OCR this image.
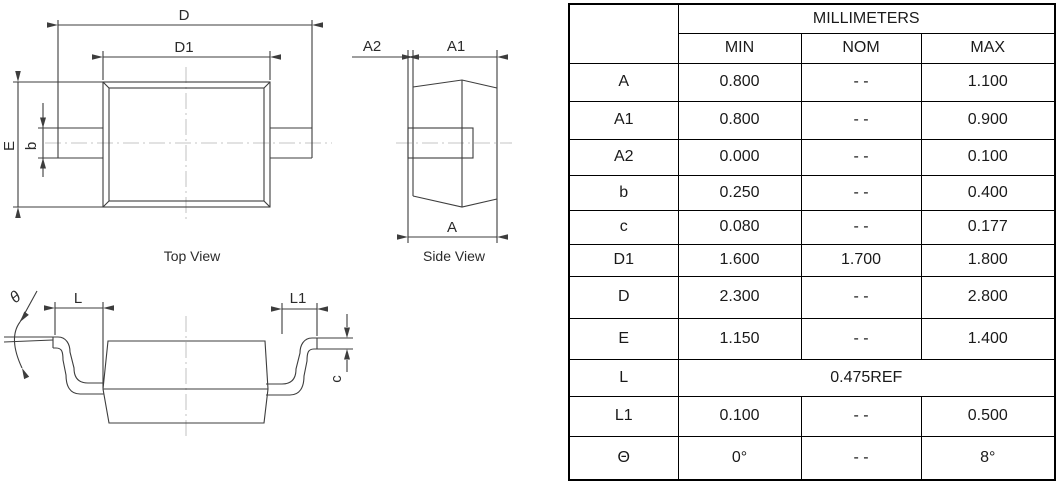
D
D1
E b
Top View
A2	A1
A
Side View
θ	L	L1
c
	MILLIMETERS		
	MIN	NOM	MAX
A	0.800	- -	1.100
A1	0.800	- -	0.900
A2	0.000	- -	0.100
b	0.250	- -	0.400
c	0.080	- -	0.177
D1	1.600	1.700	1.800
D	2.300	- -	2.800
E	1.150	- -	1.400
L	0.475REF		
L1	0.100	- -	0.500
Θ	0°	- -	8°
